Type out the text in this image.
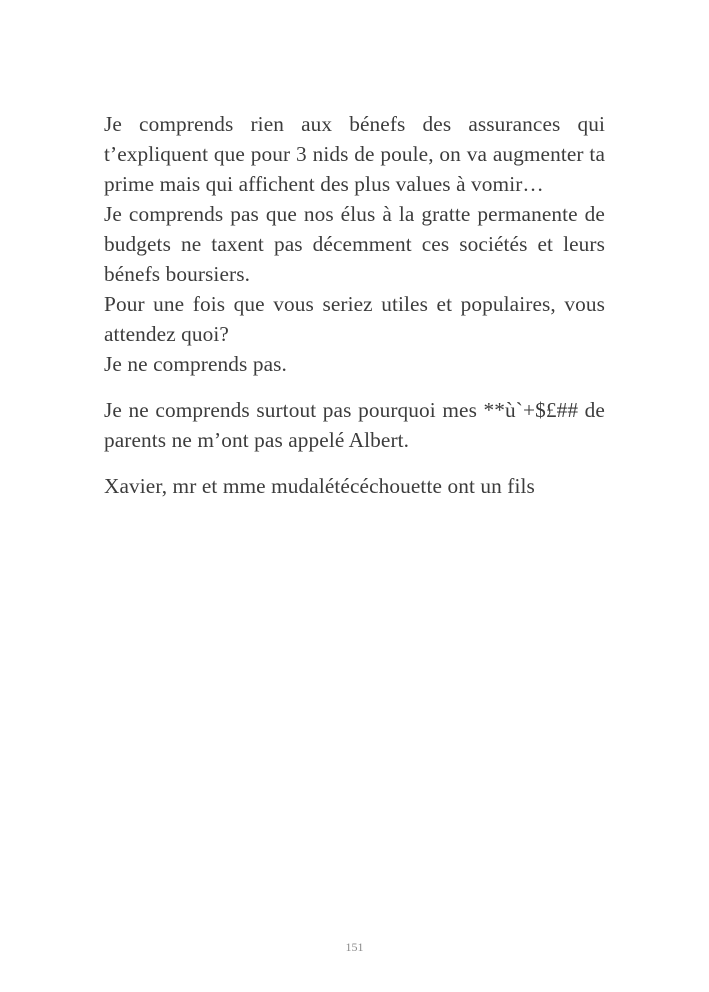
Je comprends rien aux bénefs des assurances qui t’expliquent que pour 3 nids de poule, on va augmenter ta prime mais qui affichent des plus values à vomir…

Je comprends pas que nos élus à la gratte permanente de budgets ne taxent pas décemment ces sociétés et leurs bénefs boursiers.

Pour une fois que vous seriez utiles et populaires, vous attendez quoi?

Je ne comprends pas.

Je ne comprends surtout pas pourquoi mes **ù`+$£## de parents ne m’ont pas appelé Albert.

Xavier, mr et mme mudalétécéchouette ont un fils

151
